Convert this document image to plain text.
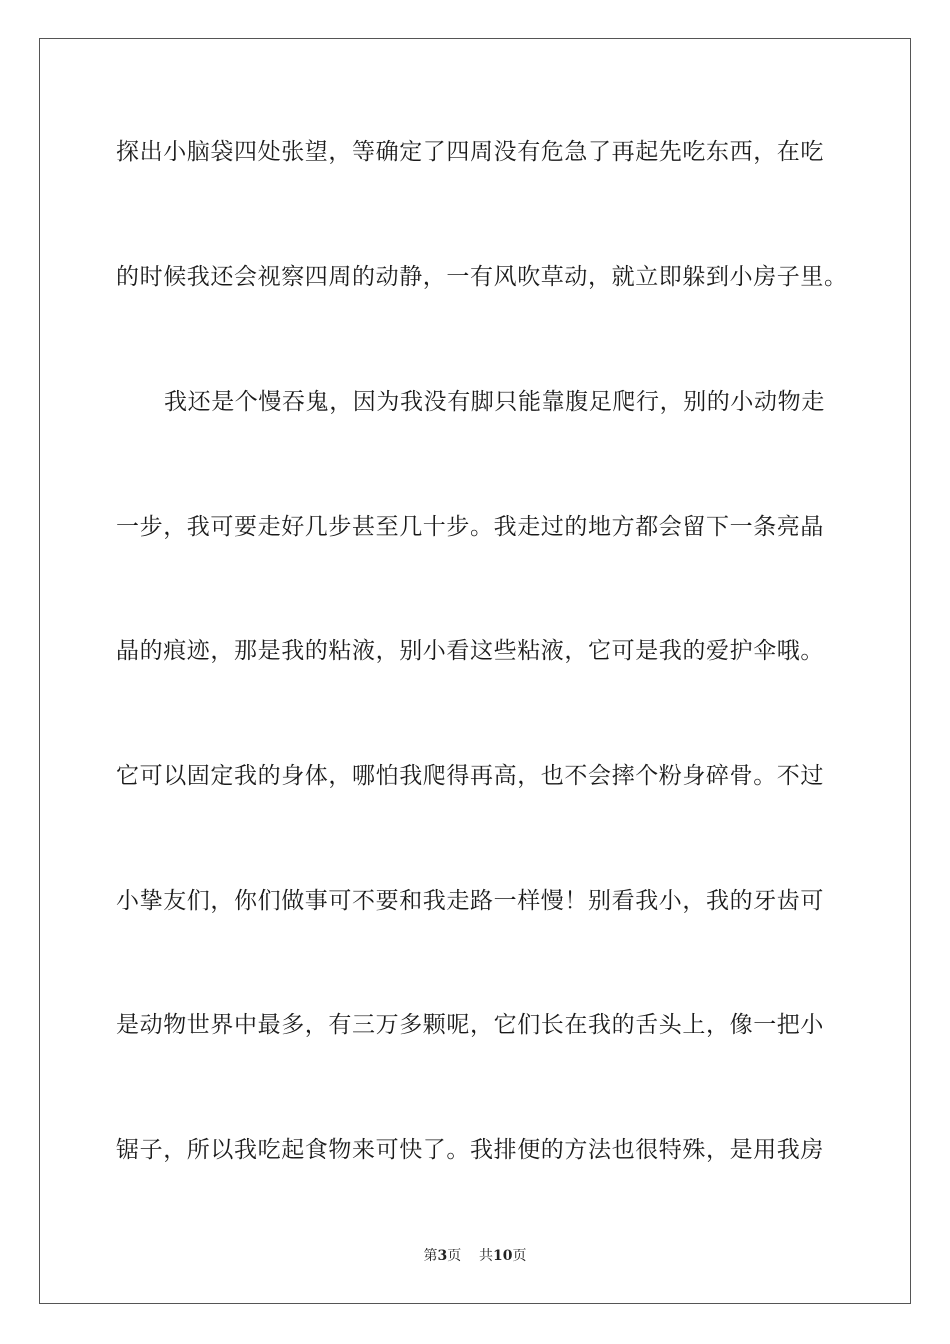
探出小脑袋四处张望，等确定了四周没有危急了再起先吃东西，在吃
的时候我还会视察四周的动静，一有风吹草动，就立即躲到小房子里。
我还是个慢吞鬼，因为我没有脚只能靠腹足爬行，别的小动物走
一步，我可要走好几步甚至几十步。我走过的地方都会留下一条亮晶
晶的痕迹，那是我的粘液，别小看这些粘液，它可是我的爱护伞哦。
它可以固定我的身体，哪怕我爬得再高，也不会摔个粉身碎骨。不过
小挚友们，你们做事可不要和我走路一样慢！别看我小，我的牙齿可
是动物世界中最多，有三万多颗呢，它们长在我的舌头上，像一把小
锯子，所以我吃起食物来可快了。我排便的方法也很特殊，是用我房
第3页 共10页
